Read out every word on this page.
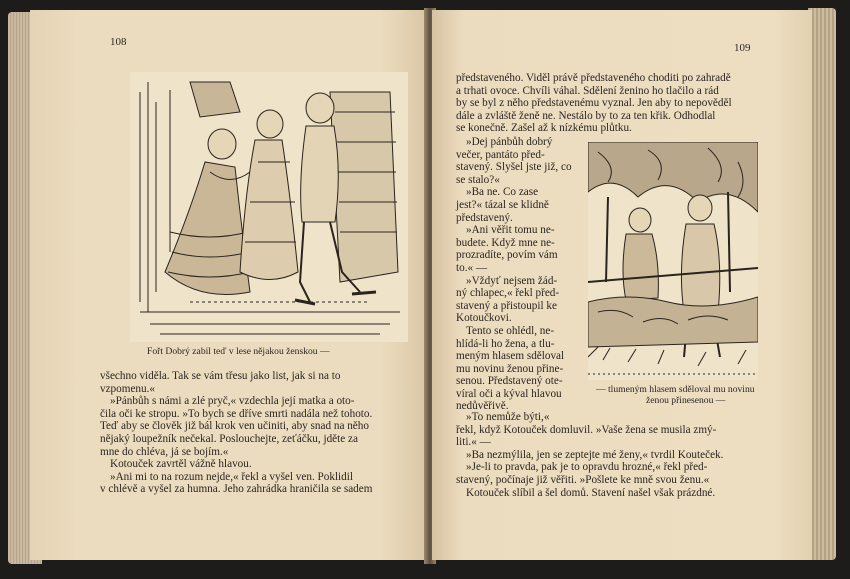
108
Fořt Dobrý zabil teď v lese nějakou ženskou —
všechno viděla. Tak se vám třesu jako list, jak si na to
vzpomenu.«
»Pánbůh s námi a zlé pryč,« vzdechla její matka a oto-
čila oči ke stropu. »To bych se dříve smrti nadála než tohoto.
Teď aby se člověk již bál krok ven učiniti, aby snad na něho
nějaký loupežník nečekal. Poslouchejte, zeťáčku, jděte za
mne do chléva, já se bojím.«
Kotouček zavrtěl vážně hlavou.
»Ani mi to na rozum nejde,« řekl a vyšel ven. Poklidil
v chlévě a vyšel za humna. Jeho zahrádka hraničila se sadem
109
představeného. Viděl právě představeného choditi po zahradě
a trhati ovoce. Chvíli váhal. Sdělení ženino ho tlačilo a rád
by se byl z něho představenému vyznal. Jen aby to nepověděl
dále a zvláště ženě ne. Nestálo by to za ten křik. Odhodlal
se konečně. Zašel až k nízkému plůtku.
»Dej pánbůh dobrý
večer, pantáto před-
stavený. Slyšel jste již, co
se stalo?«
»Ba ne. Co zase
jest?« tázal se klidně
představený.
»Ani věřit tomu ne-
budete. Když mne ne-
prozradíte, povím vám
to.« —
»Vždyť nejsem žád-
ný chlapec,« řekl před-
stavený a přistoupil ke
Kotoučkovi.
Tento se ohlédl, ne-
hlídá-li ho žena, a tlu-
meným hlasem sděloval
mu novinu ženou přine-
senou. Představený ote-
víral oči a kýval hlavou
nedůvěřivě.
— tlumeným hlasem sděloval mu novinu
ženou přinesenou —
»To nemůže býti,«
řekl, když Kotouček domluvil. »Vaše žena se musila zmý-
liti.« —
»Ba nezmýlila, jen se zeptejte mé ženy,« tvrdil Kouteček.
»Je-li to pravda, pak je to opravdu hrozné,« řekl před-
stavený, počínaje již věřiti. »Pošlete ke mně svou ženu.«
Kotouček slíbil a šel domů. Stavení našel však prázdné.
